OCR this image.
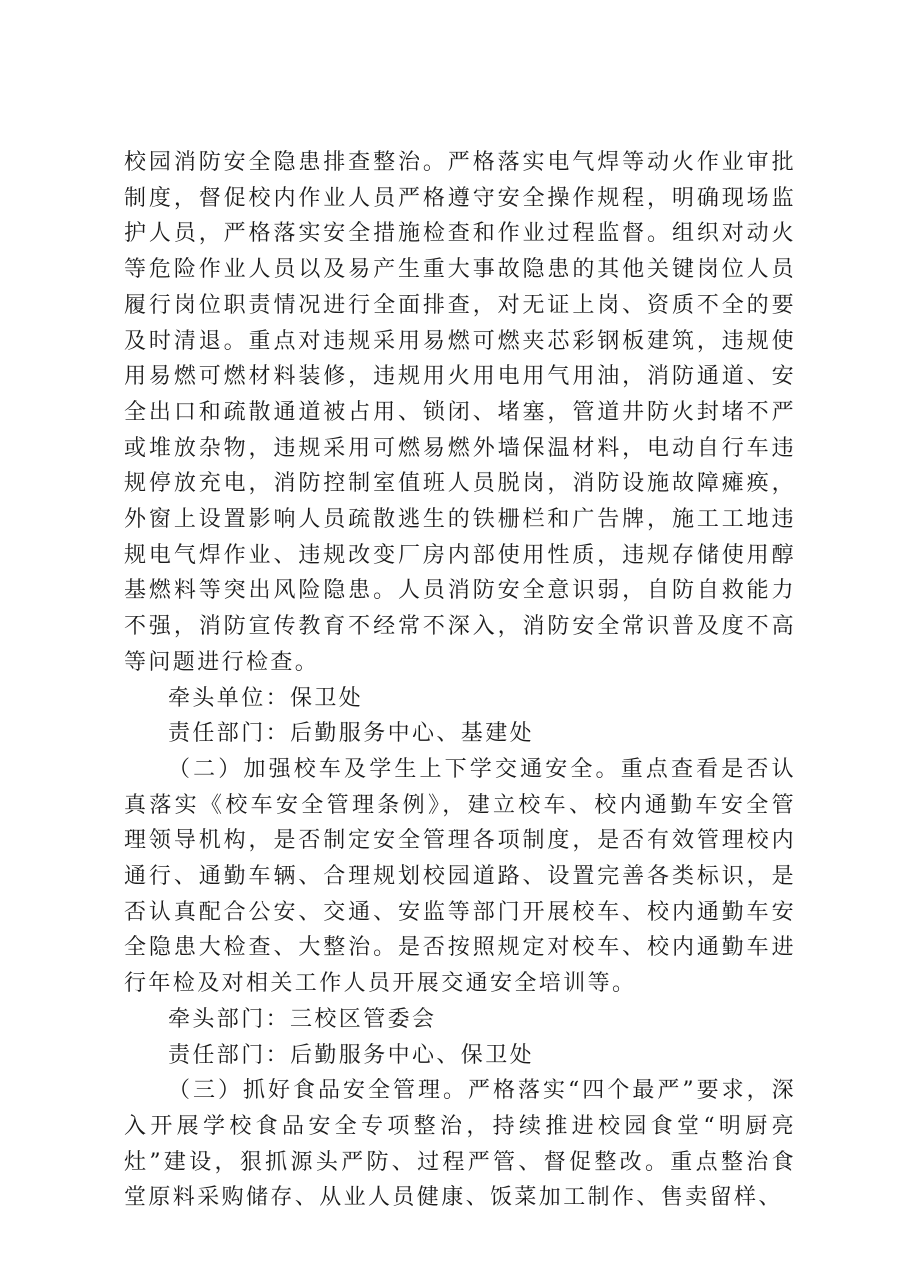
校园消防安全隐患排查整治。严格落实电气焊等动火作业审批制度，督促校内作业人员严格遵守安全操作规程，明确现场监护人员，严格落实安全措施检查和作业过程监督。组织对动火等危险作业人员以及易产生重大事故隐患的其他关键岗位人员履行岗位职责情况进行全面排查，对无证上岗、资质不全的要及时清退。重点对违规采用易燃可燃夹芯彩钢板建筑，违规使用易燃可燃材料装修，违规用火用电用气用油，消防通道、安全出口和疏散通道被占用、锁闭、堵塞，管道井防火封堵不严或堆放杂物，违规采用可燃易燃外墙保温材料，电动自行车违规停放充电，消防控制室值班人员脱岗，消防设施故障瘫痪，外窗上设置影响人员疏散逃生的铁栅栏和广告牌，施工工地违规电气焊作业、违规改变厂房内部使用性质，违规存储使用醇基燃料等突出风险隐患。人员消防安全意识弱，自防自救能力不强，消防宣传教育不经常不深入，消防安全常识普及度不高等问题进行检查。

牵头单位：保卫处

责任部门：后勤服务中心、基建处

（二）加强校车及学生上下学交通安全。重点查看是否认真落实《校车安全管理条例》，建立校车、校内通勤车安全管理领导机构，是否制定安全管理各项制度，是否有效管理校内通行、通勤车辆、合理规划校园道路、设置完善各类标识，是否认真配合公安、交通、安监等部门开展校车、校内通勤车安全隐患大检查、大整治。是否按照规定对校车、校内通勤车进行年检及对相关工作人员开展交通安全培训等。

牵头部门：三校区管委会

责任部门：后勤服务中心、保卫处

（三）抓好食品安全管理。严格落实“四个最严”要求，深入开展学校食品安全专项整治，持续推进校园食堂“明厨亮灶”建设，狠抓源头严防、过程严管、督促整改。重点整治食堂原料采购储存、从业人员健康、饭菜加工制作、售卖留样、
